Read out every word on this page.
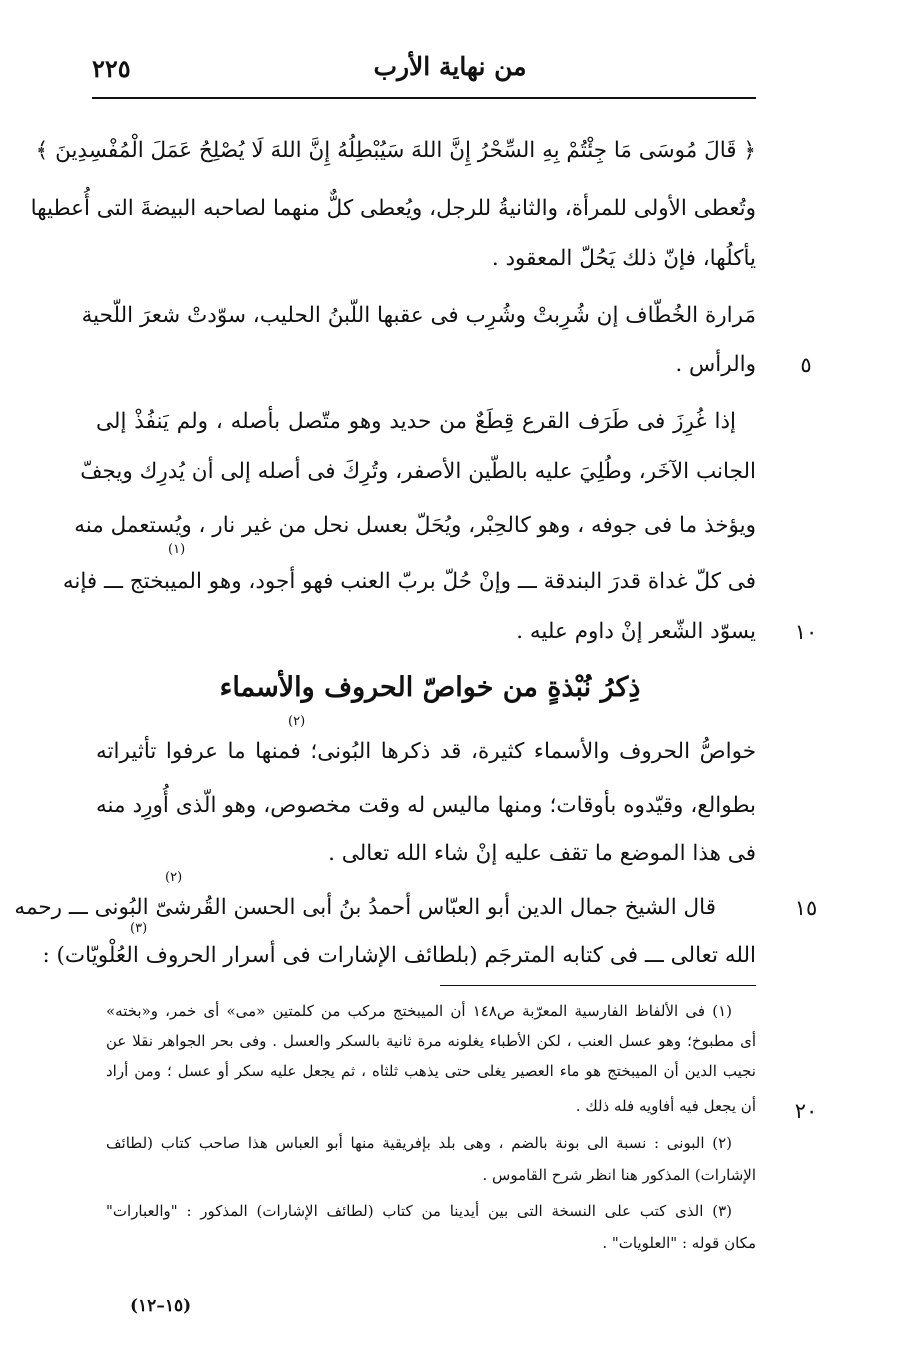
من نهاية الأرب
٢٢٥
﴿ قَالَ مُوسَى مَا جِئْتُمْ بِهِ السِّحْرُ إِنَّ اللهَ سَيُبْطِلُهُ إِنَّ اللهَ لَا يُصْلِحُ عَمَلَ الْمُفْسِدِينَ ﴾
وتُعطى الأولى للمرأة، والثانيةُ للرجل، ويُعطى كلٌّ منهما لصاحبه البيضةَ التى أُعطيها
يأكلُها، فإنّ ذلك يَحُلّ المعقود .
مَرارة الخُطّاف إن شُرِبتْ وشُرِب فى عقبها اللّبنُ الحليب، سوّدتْ شعرَ اللّحية
والرأس .
إذا غُرِزَ فى طَرَف القرع قِطَعٌ من حديد وهو متّصل بأصله ، ولم يَنفُذْ إلى
الجانب الآخَر، وطُلِيَ عليه بالطّين الأصفر، وتُرِكَ فى أصله إلى أن يُدرِك ويجفّ
ويؤخذ ما فى جوفه ، وهو كالحِبْر، ويُحَلّ بعسل نحل من غير نار ، ويُستعمل منه
فى كلّ غداة قدرَ البندقة ـــ وإنْ حُلّ بربّ العنب فهو أجود، وهو الميبختج ـــ فإنه
يسوّد الشّعر إنْ داوم عليه .
ذِكرُ نُبْذةٍ من خواصّ الحروف والأسماء
خواصُّ الحروف والأسماء كثيرة، قد ذكرها البُونى؛ فمنها ما عرفوا تأثيراته
بطوالع، وقيّدوه بأوقات؛ ومنها ماليس له وقت مخصوص، وهو الّذى أُورِد منه
فى هذا الموضع ما تقف عليه إنْ شاء الله تعالى .
قال الشيخ جمال الدين أبو العبّاس أحمدُ بنُ أبى الحسن القُرشىّ البُونى ـــ رحمه
الله تعالى ـــ فى كتابه المترجَم (بلطائف الإشارات فى أسرار الحروف العُلْويّات) :
(١)
(٢)
(٢)
(٣)
٥
١٠
١٥
٢٠
(١) فى الألفاظ الفارسية المعرّبة ص١٤٨ أن الميبختج مركب من كلمتين «مى» أى خمر، و«بخته»
أى مطبوخ؛ وهو عسل العنب ، لكن الأطباء يغلونه مرة ثانية بالسكر والعسل . وفى بحر الجواهر نقلا عن
نجيب الدين أن الميبختج هو ماء العصير يغلى حتى يذهب ثلثاه ، ثم يجعل عليه سكر أو عسل ؛ ومن أراد
أن يجعل فيه أفاويه فله ذلك .
(٢) البونى : نسبة الى بونة بالضم ، وهى بلد بإفريقية منها أبو العباس هذا صاحب كتاب (لطائف
الإشارات) المذكور هنا انظر شرح القاموس .
(٣) الذى كتب على النسخة التى بين أيدينا من كتاب (لطائف الإشارات) المذكور : "والعبارات"
مكان قوله : "العلويات" .
(١٥–١٢)
